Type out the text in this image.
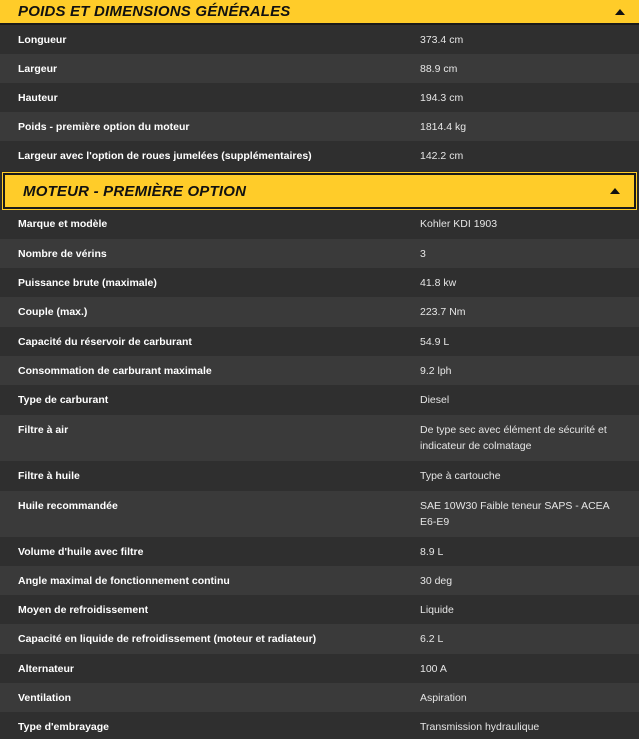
POIDS ET DIMENSIONS GÉNÉRALES
Longueur	373.4 cm
Largeur	88.9 cm
Hauteur	194.3 cm
Poids - première option du moteur	1814.4 kg
Largeur avec l'option de roues jumelées (supplémentaires)	142.2 cm
MOTEUR - PREMIÈRE OPTION
Marque et modèle	Kohler KDI 1903
Nombre de vérins	3
Puissance brute (maximale)	41.8 kw
Couple (max.)	223.7 Nm
Capacité du réservoir de carburant	54.9 L
Consommation de carburant maximale	9.2 lph
Type de carburant	Diesel
Filtre à air	De type sec avec élément de sécurité et indicateur de colmatage
Filtre à huile	Type à cartouche
Huile recommandée	SAE 10W30 Faible teneur SAPS - ACEA E6-E9
Volume d'huile avec filtre	8.9 L
Angle maximal de fonctionnement continu	30 deg
Moyen de refroidissement	Liquide
Capacité en liquide de refroidissement (moteur et radiateur)	6.2 L
Alternateur	100 A
Ventilation	Aspiration
Type d'embrayage	Transmission hydraulique
